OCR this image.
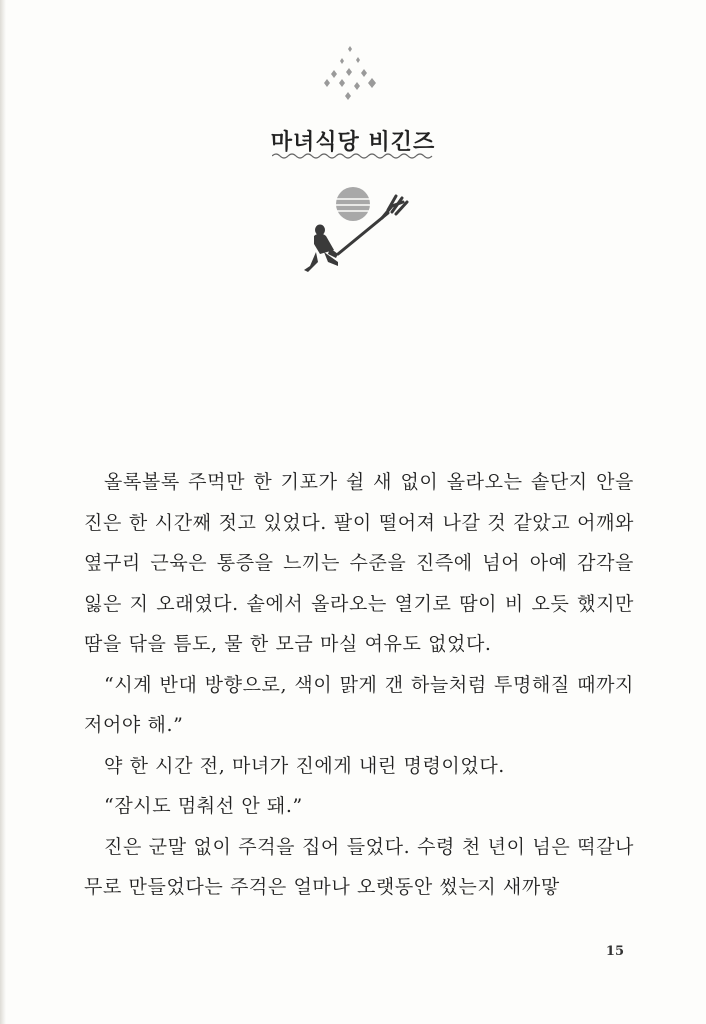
마녀식당 비긴즈

올록볼록 주먹만 한 기포가 쉴 새 없이 올라오는 솥단지 안을 진은 한 시간째 젓고 있었다. 팔이 떨어져 나갈 것 같았고 어깨와 옆구리 근육은 통증을 느끼는 수준을 진즉에 넘어 아예 감각을 잃은 지 오래였다. 솥에서 올라오는 열기로 땀이 비 오듯 했지만 땀을 닦을 틈도, 물 한 모금 마실 여유도 없었다.

“시계 반대 방향으로, 색이 맑게 갠 하늘처럼 투명해질 때까지 저어야 해.”

약 한 시간 전, 마녀가 진에게 내린 명령이었다.

“잠시도 멈춰선 안 돼.”

진은 군말 없이 주걱을 집어 들었다. 수령 천 년이 넘은 떡갈나무로 만들었다는 주걱은 얼마나 오랫동안 썼는지 새까맣

15
